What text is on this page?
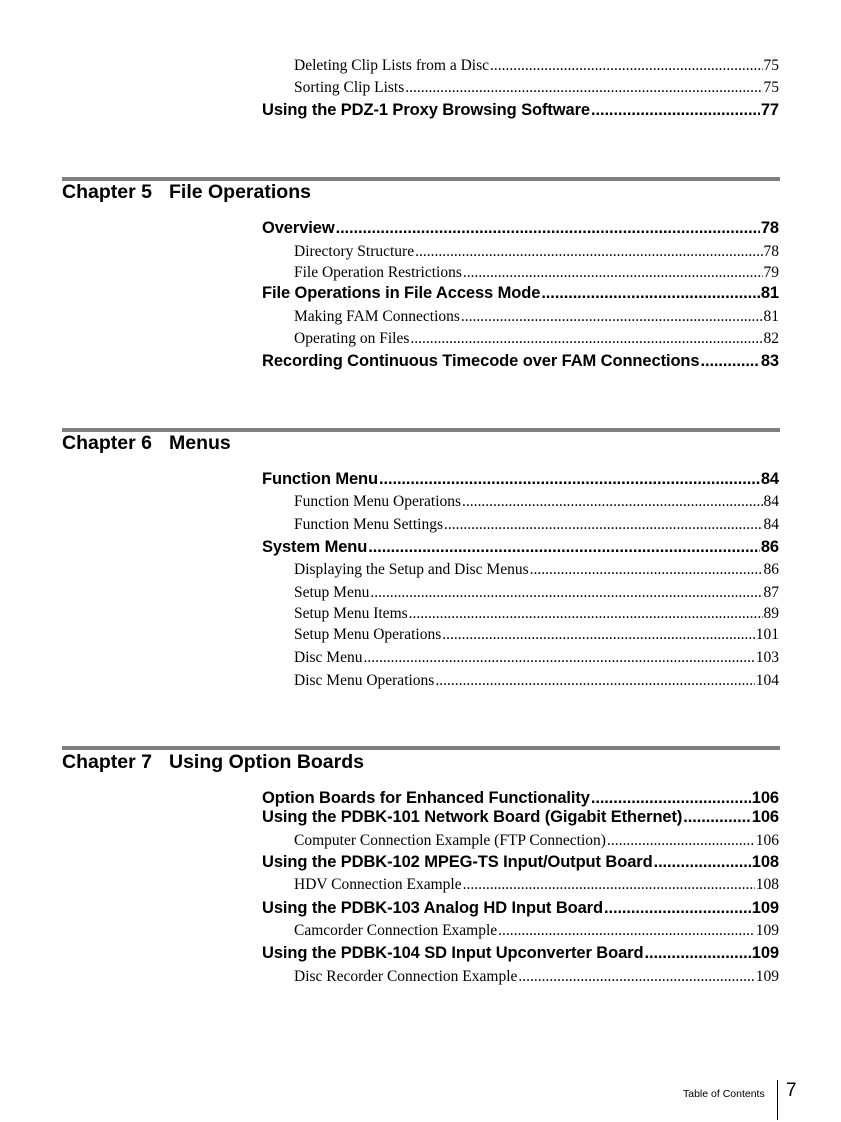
Deleting Clip Lists from a Disc .....	75
Sorting Clip Lists .....	75
Using the PDZ-1 Proxy Browsing Software .....	77
Chapter 5 File Operations
Overview .....	78
Directory Structure .....	78
File Operation Restrictions .....	79
File Operations in File Access Mode .....	81
Making FAM Connections .....	81
Operating on Files .....	82
Recording Continuous Timecode over FAM Connections .....	83
Chapter 6 Menus
Function Menu .....	84
Function Menu Operations .....	84
Function Menu Settings .....	84
System Menu .....	86
Displaying the Setup and Disc Menus .....	86
Setup Menu .....	87
Setup Menu Items .....	89
Setup Menu Operations .....	101
Disc Menu .....	103
Disc Menu Operations .....	104
Chapter 7 Using Option Boards
Option Boards for Enhanced Functionality .....	106
Using the PDBK-101 Network Board (Gigabit Ethernet) .....	106
Computer Connection Example (FTP Connection) .....	106
Using the PDBK-102 MPEG-TS Input/Output Board .....	108
HDV Connection Example .....	108
Using the PDBK-103 Analog HD Input Board .....	109
Camcorder Connection Example .....	109
Using the PDBK-104 SD Input Upconverter Board .....	109
Disc Recorder Connection Example .....	109
Table of Contents 7
